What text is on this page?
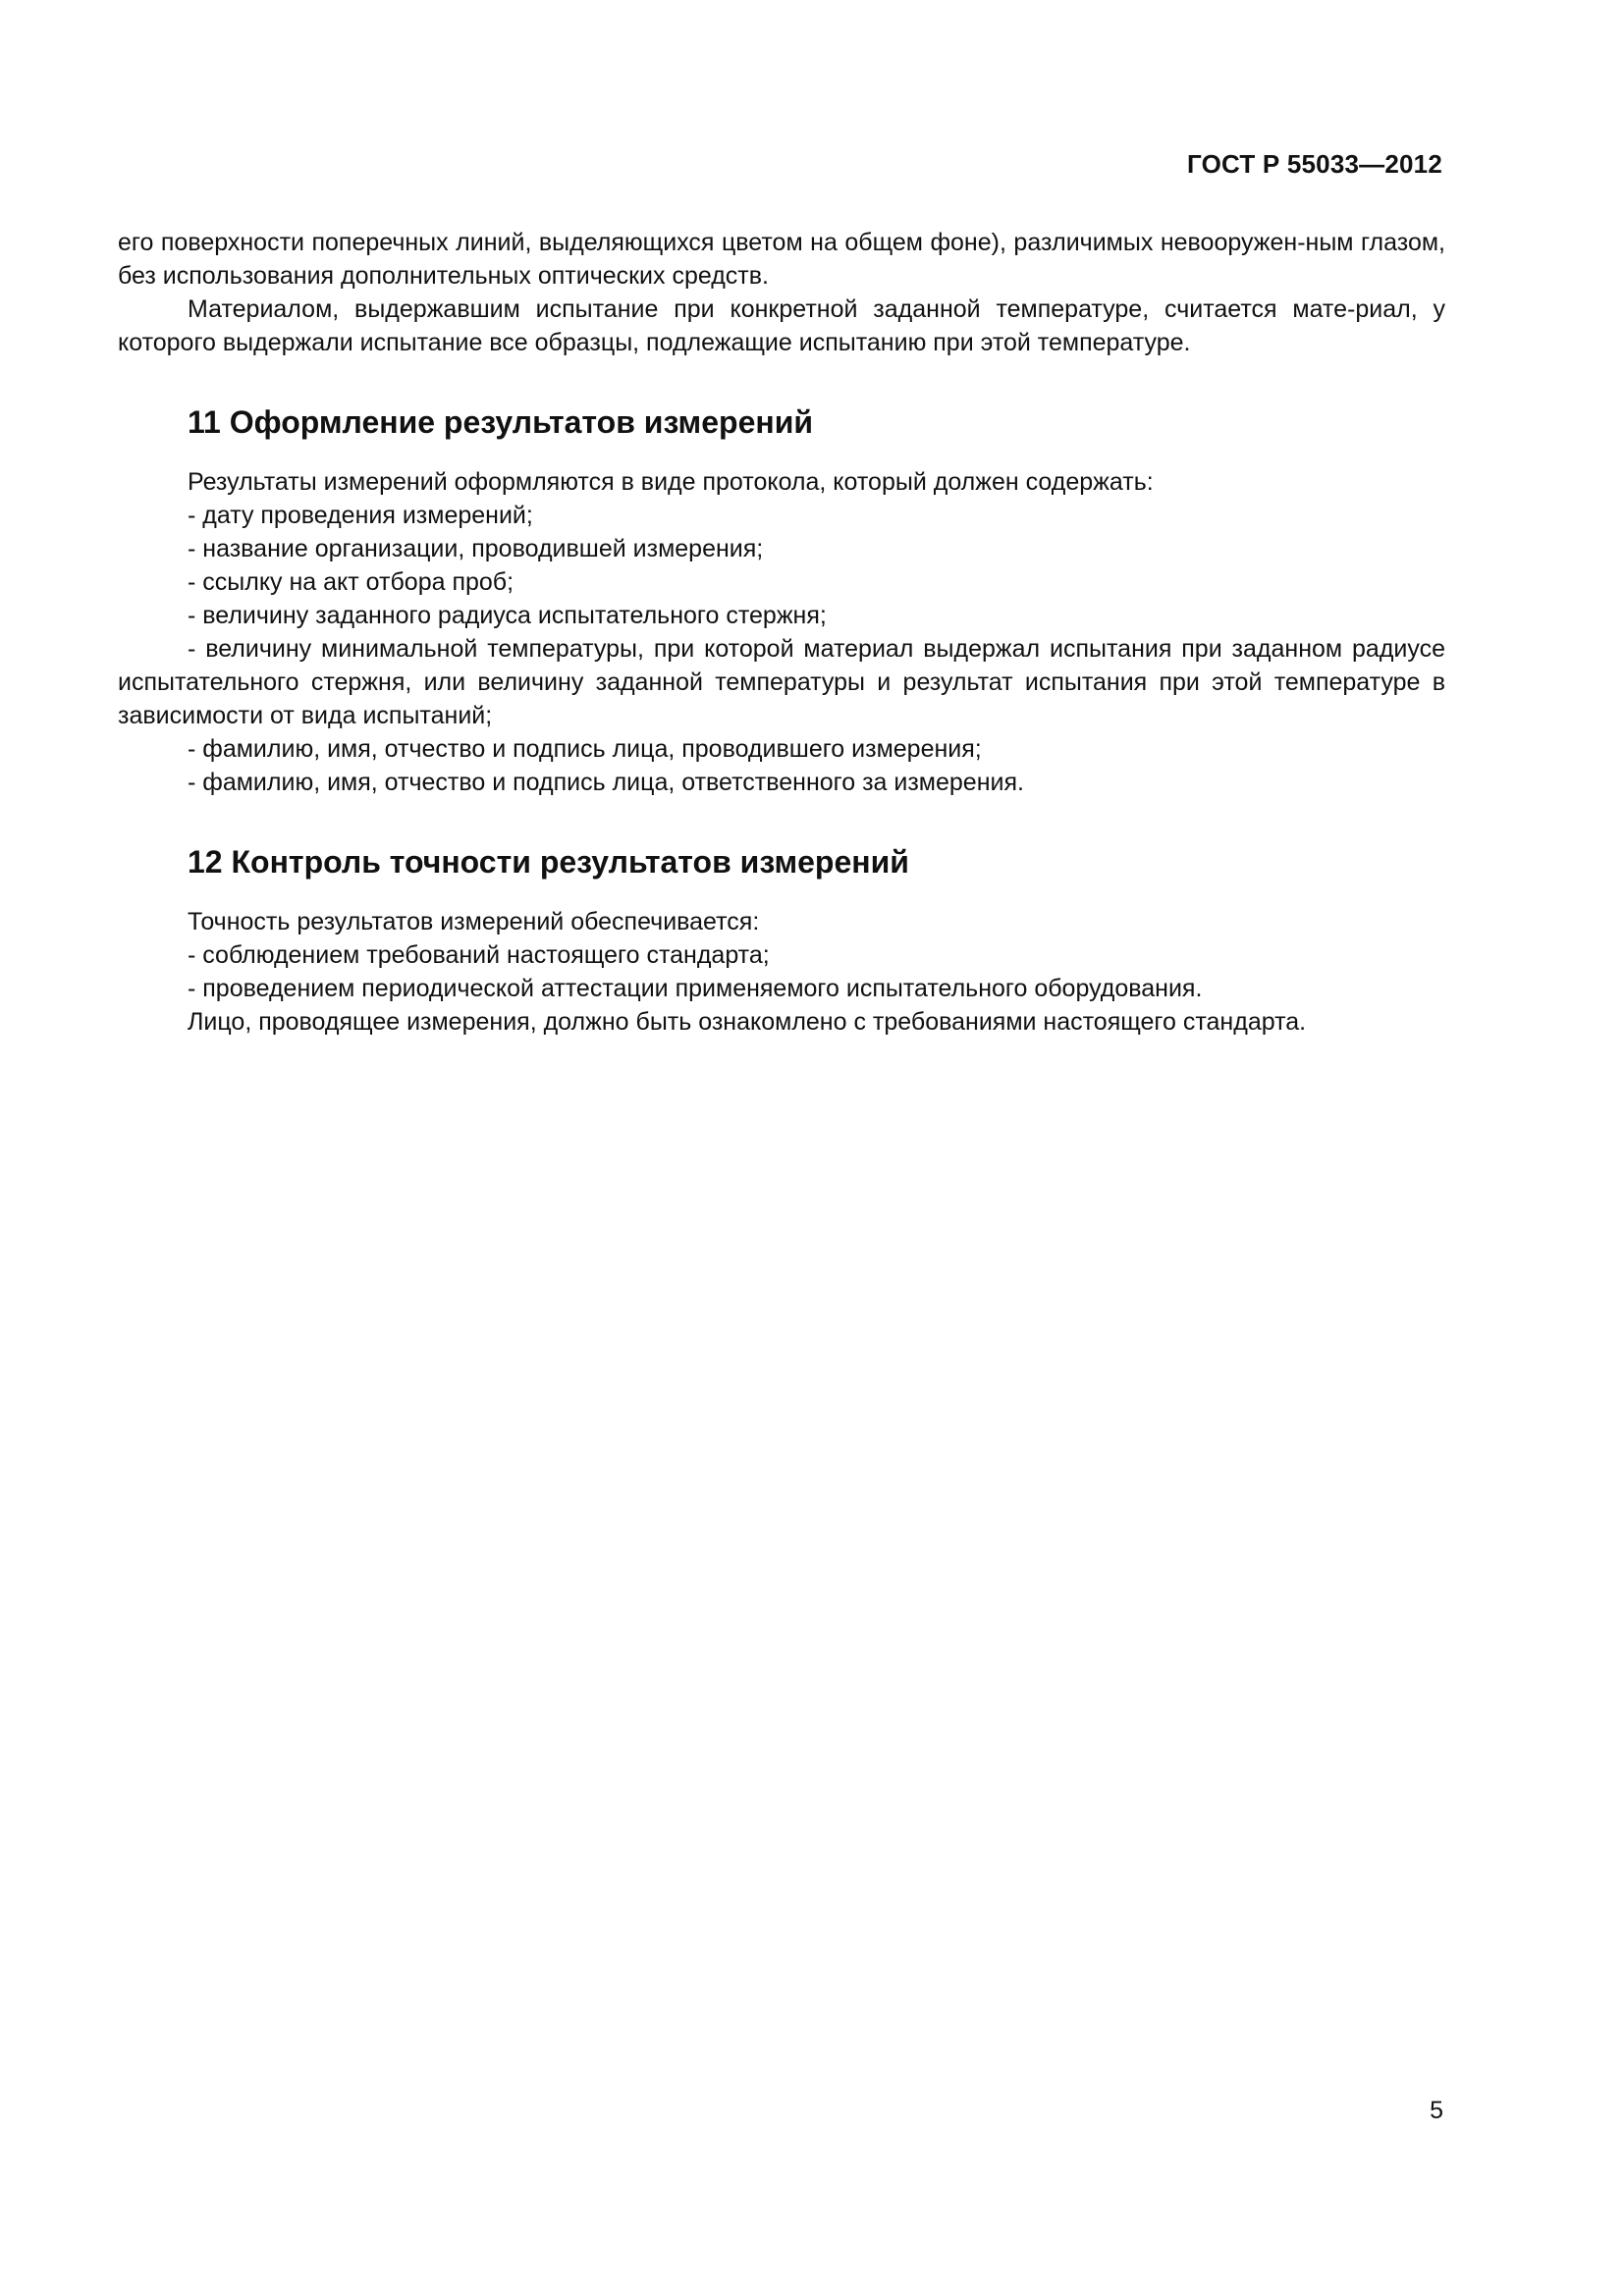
ГОСТ Р 55033—2012

его поверхности поперечных линий, выделяющихся цветом на общем фоне), различимых невооружен-ным глазом, без использования дополнительных оптических средств.

Материалом, выдержавшим испытание при конкретной заданной температуре, считается мате-риал, у которого выдержали испытание все образцы, подлежащие испытанию при этой температуре.

11 Оформление результатов измерений

Результаты измерений оформляются в виде протокола, который должен содержать:

- дату проведения измерений;

- название организации, проводившей измерения;

- ссылку на акт отбора проб;

- величину заданного радиуса испытательного стержня;

- величину минимальной температуры, при которой материал выдержал испытания при заданном радиусе испытательного стержня, или величину заданной температуры и результат испытания при этой температуре в зависимости от вида испытаний;

- фамилию, имя, отчество и подпись лица, проводившего измерения;

- фамилию, имя, отчество и подпись лица, ответственного за измерения.

12 Контроль точности результатов измерений

Точность результатов измерений обеспечивается:

- соблюдением требований настоящего стандарта;

- проведением периодической аттестации применяемого испытательного оборудования.

Лицо, проводящее измерения, должно быть ознакомлено с требованиями настоящего стандарта.

5
